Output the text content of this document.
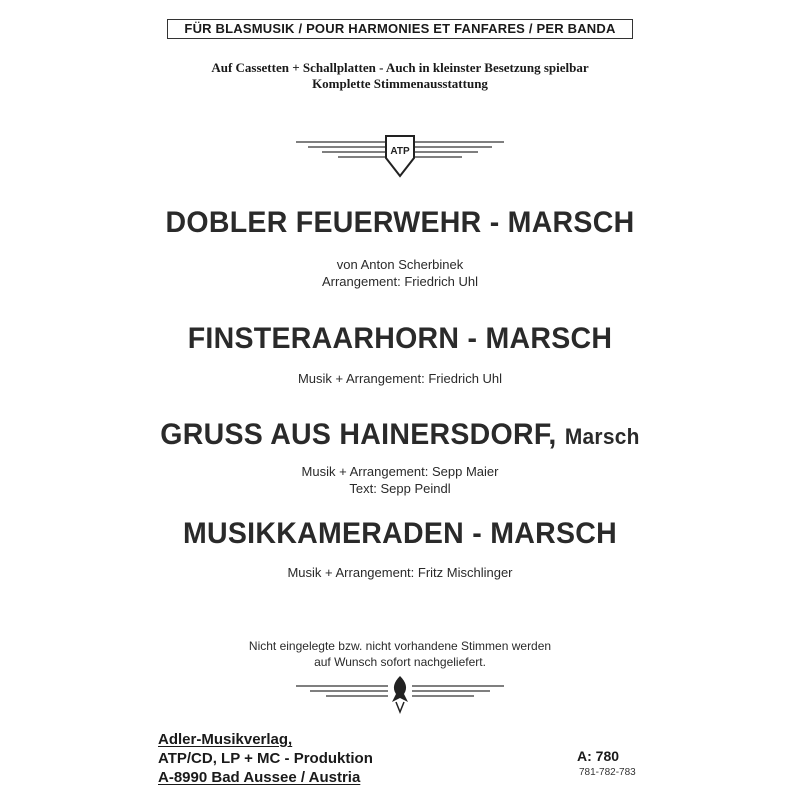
FÜR BLASMUSIK / POUR HARMONIES ET FANFARES / PER BANDA
Auf Cassetten + Schallplatten - Auch in kleinster Besetzung spielbar
Komplette Stimmenausstattung
ATP
DOBLER FEUERWEHR - MARSCH
von Anton Scherbinek
Arrangement: Friedrich Uhl
FINSTERAARHORN - MARSCH
Musik + Arrangement: Friedrich Uhl
GRUSS AUS HAINERSDORF, Marsch
Musik + Arrangement: Sepp Maier
Text: Sepp Peindl
MUSIKKAMERADEN - MARSCH
Musik + Arrangement: Fritz Mischlinger
Nicht eingelegte bzw. nicht vorhandene Stimmen werden
auf Wunsch sofort nachgeliefert.
Adler-Musikverlag,
ATP/CD, LP + MC - Produktion
A-8990 Bad Aussee / Austria
A: 780
781-782-783
